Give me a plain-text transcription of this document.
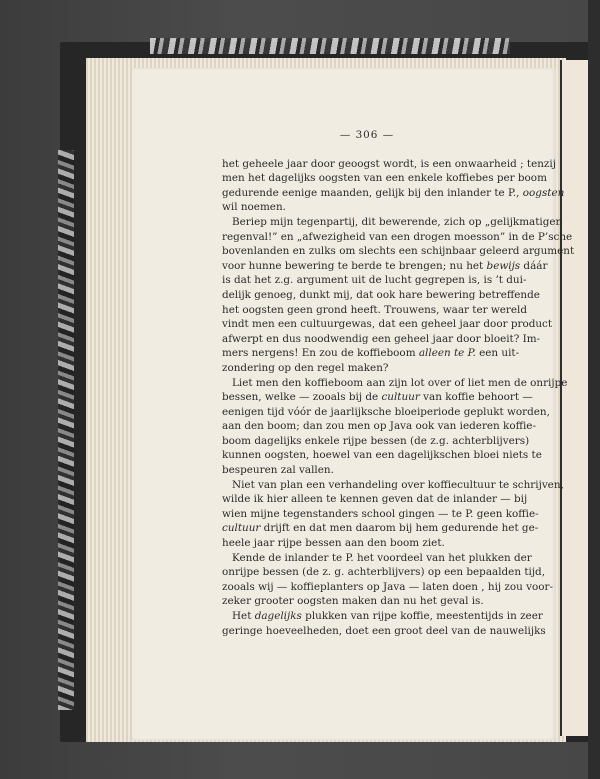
— 306 —
het geheele jaar door geoogst wordt, is een onwaarheid ; tenzij
men het dagelijks oogsten van een enkele koffiebes per boom
gedurende eenige maanden, gelijk bij den inlander te P., oogsten
wil noemen.
Beriep mijn tegenpartij, dit bewerende, zich op „gelijkmatigen
regenval!” en „afwezigheid van een drogen moesson” in de P’sche
bovenlanden en zulks om slechts een schijnbaar geleerd argument
voor hunne bewering te berde te brengen; nu het bewijs dáár
is dat het z.g. argument uit de lucht gegrepen is, is ’t dui-
delijk genoeg, dunkt mij, dat ook hare bewering betreffende
het oogsten geen grond heeft. Trouwens, waar ter wereld
vindt men een cultuurgewas, dat een geheel jaar door product
afwerpt en dus noodwendig een geheel jaar door bloeit? Im-
mers nergens! En zou de koffieboom alleen te P. een uit-
zondering op den regel maken?
Liet men den koffieboom aan zijn lot over of liet men de onrijpe
bessen, welke — zooals bij de cultuur van koffie behoort —
eenigen tijd vóór de jaarlijksche bloeiperiode geplukt worden,
aan den boom; dan zou men op Java ook van iederen koffie-
boom dagelijks enkele rijpe bessen (de z.g. achterblijvers)
kunnen oogsten, hoewel van een dagelijkschen bloei niets te
bespeuren zal vallen.
Niet van plan een verhandeling over koffiecultuur te schrijven,
wilde ik hier alleen te kennen geven dat de inlander — bij
wien mijne tegenstanders school gingen — te P. geen koffie-
cultuur drijft en dat men daarom bij hem gedurende het ge-
heele jaar rijpe bessen aan den boom ziet.
Kende de inlander te P. het voordeel van het plukken der
onrijpe bessen (de z. g. achterblijvers) op een bepaalden tijd,
zooals wij — koffieplanters op Java — laten doen , hij zou voor-
zeker grooter oogsten maken dan nu het geval is.
Het dagelijks plukken van rijpe koffie, meestentijds in zeer
geringe hoeveelheden, doet een groot deel van de nauwelijks
